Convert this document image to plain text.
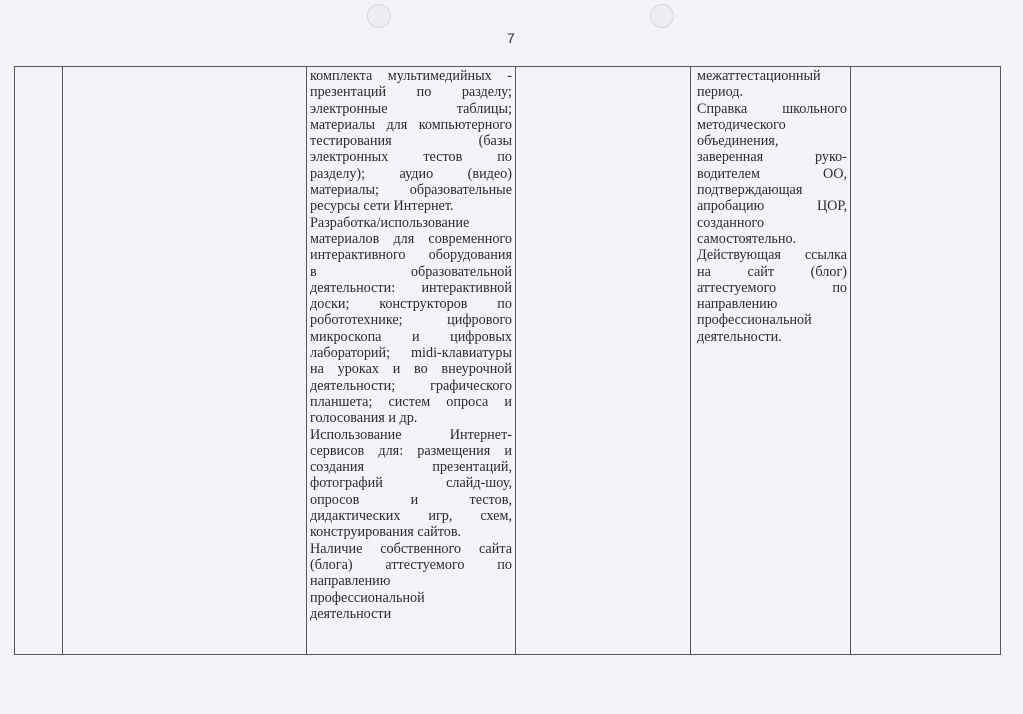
7
комплекта мультимедийных -
презентаций по разделу;
электронные таблицы;
материалы для компьютерного
тестирования (базы
электронных тестов по
разделу); аудио (видео)
материалы; образовательные
ресурсы сети Интернет.
Разработка/использование
материалов для современного
интерактивного оборудования
в образовательной
деятельности: интерактивной
доски; конструкторов по
робототехнике; цифрового
микроскопа и цифровых
лабораторий; midi-клавиатуры
на уроках и во внеурочной
деятельности; графического
планшета; систем опроса и
голосования и др.
Использование Интернет-
сервисов для: размещения и
создания презентаций,
фотографий слайд-шоу,
опросов и тестов,
дидактических игр, схем,
конструирования сайтов.
Наличие собственного сайта
(блога) аттестуемого по
направлению
профессиональной
деятельности
межаттестационный
период.
Справка школьного
методического
объединения,
заверенная руко-
водителем ОО,
подтверждающая
апробацию ЦОР,
созданного
самостоятельно.
Действующая ссылка
на сайт (блог)
аттестуемого по
направлению
профессиональной
деятельности.
